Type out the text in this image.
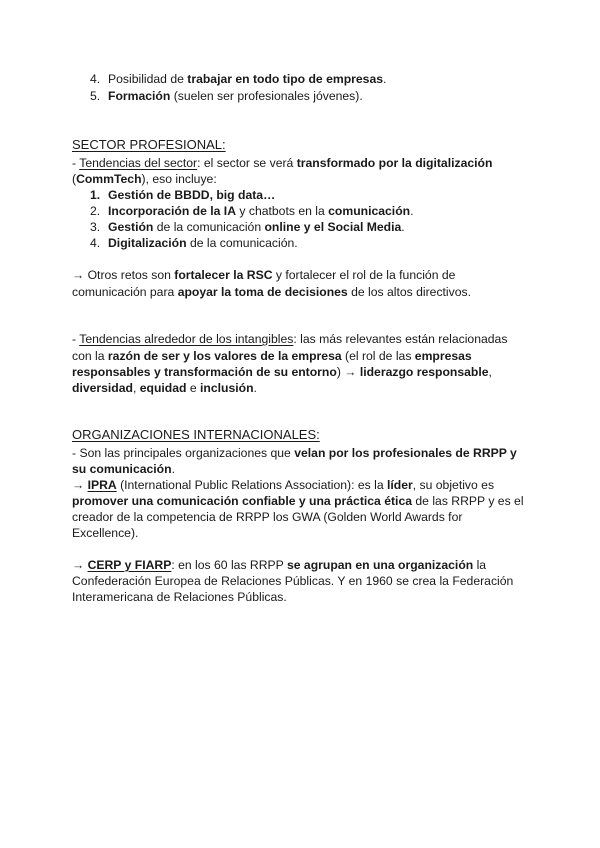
4. Posibilidad de trabajar en todo tipo de empresas.
5. Formación (suelen ser profesionales jóvenes).
SECTOR PROFESIONAL:
- Tendencias del sector: el sector se verá transformado por la digitalización
(CommTech), eso incluye:
1. Gestión de BBDD, big data…
2. Incorporación de la IA y chatbots en la comunicación.
3. Gestión de la comunicación online y el Social Media.
4. Digitalización de la comunicación.
→ Otros retos son fortalecer la RSC y fortalecer el rol de la función de
comunicación para apoyar la toma de decisiones de los altos directivos.
- Tendencias alrededor de los intangibles: las más relevantes están relacionadas
con la razón de ser y los valores de la empresa (el rol de las empresas
responsables y transformación de su entorno) → liderazgo responsable,
diversidad, equidad e inclusión.
ORGANIZACIONES INTERNACIONALES:
- Son las principales organizaciones que velan por los profesionales de RRPP y
su comunicación.
→ IPRA (International Public Relations Association): es la líder, su objetivo es
promover una comunicación confiable y una práctica ética de las RRPP y es el
creador de la competencia de RRPP los GWA (Golden World Awards for
Excellence).
→ CERP y FIARP: en los 60 las RRPP se agrupan en una organización la
Confederación Europea de Relaciones Públicas. Y en 1960 se crea la Federación
Interamericana de Relaciones Públicas.
